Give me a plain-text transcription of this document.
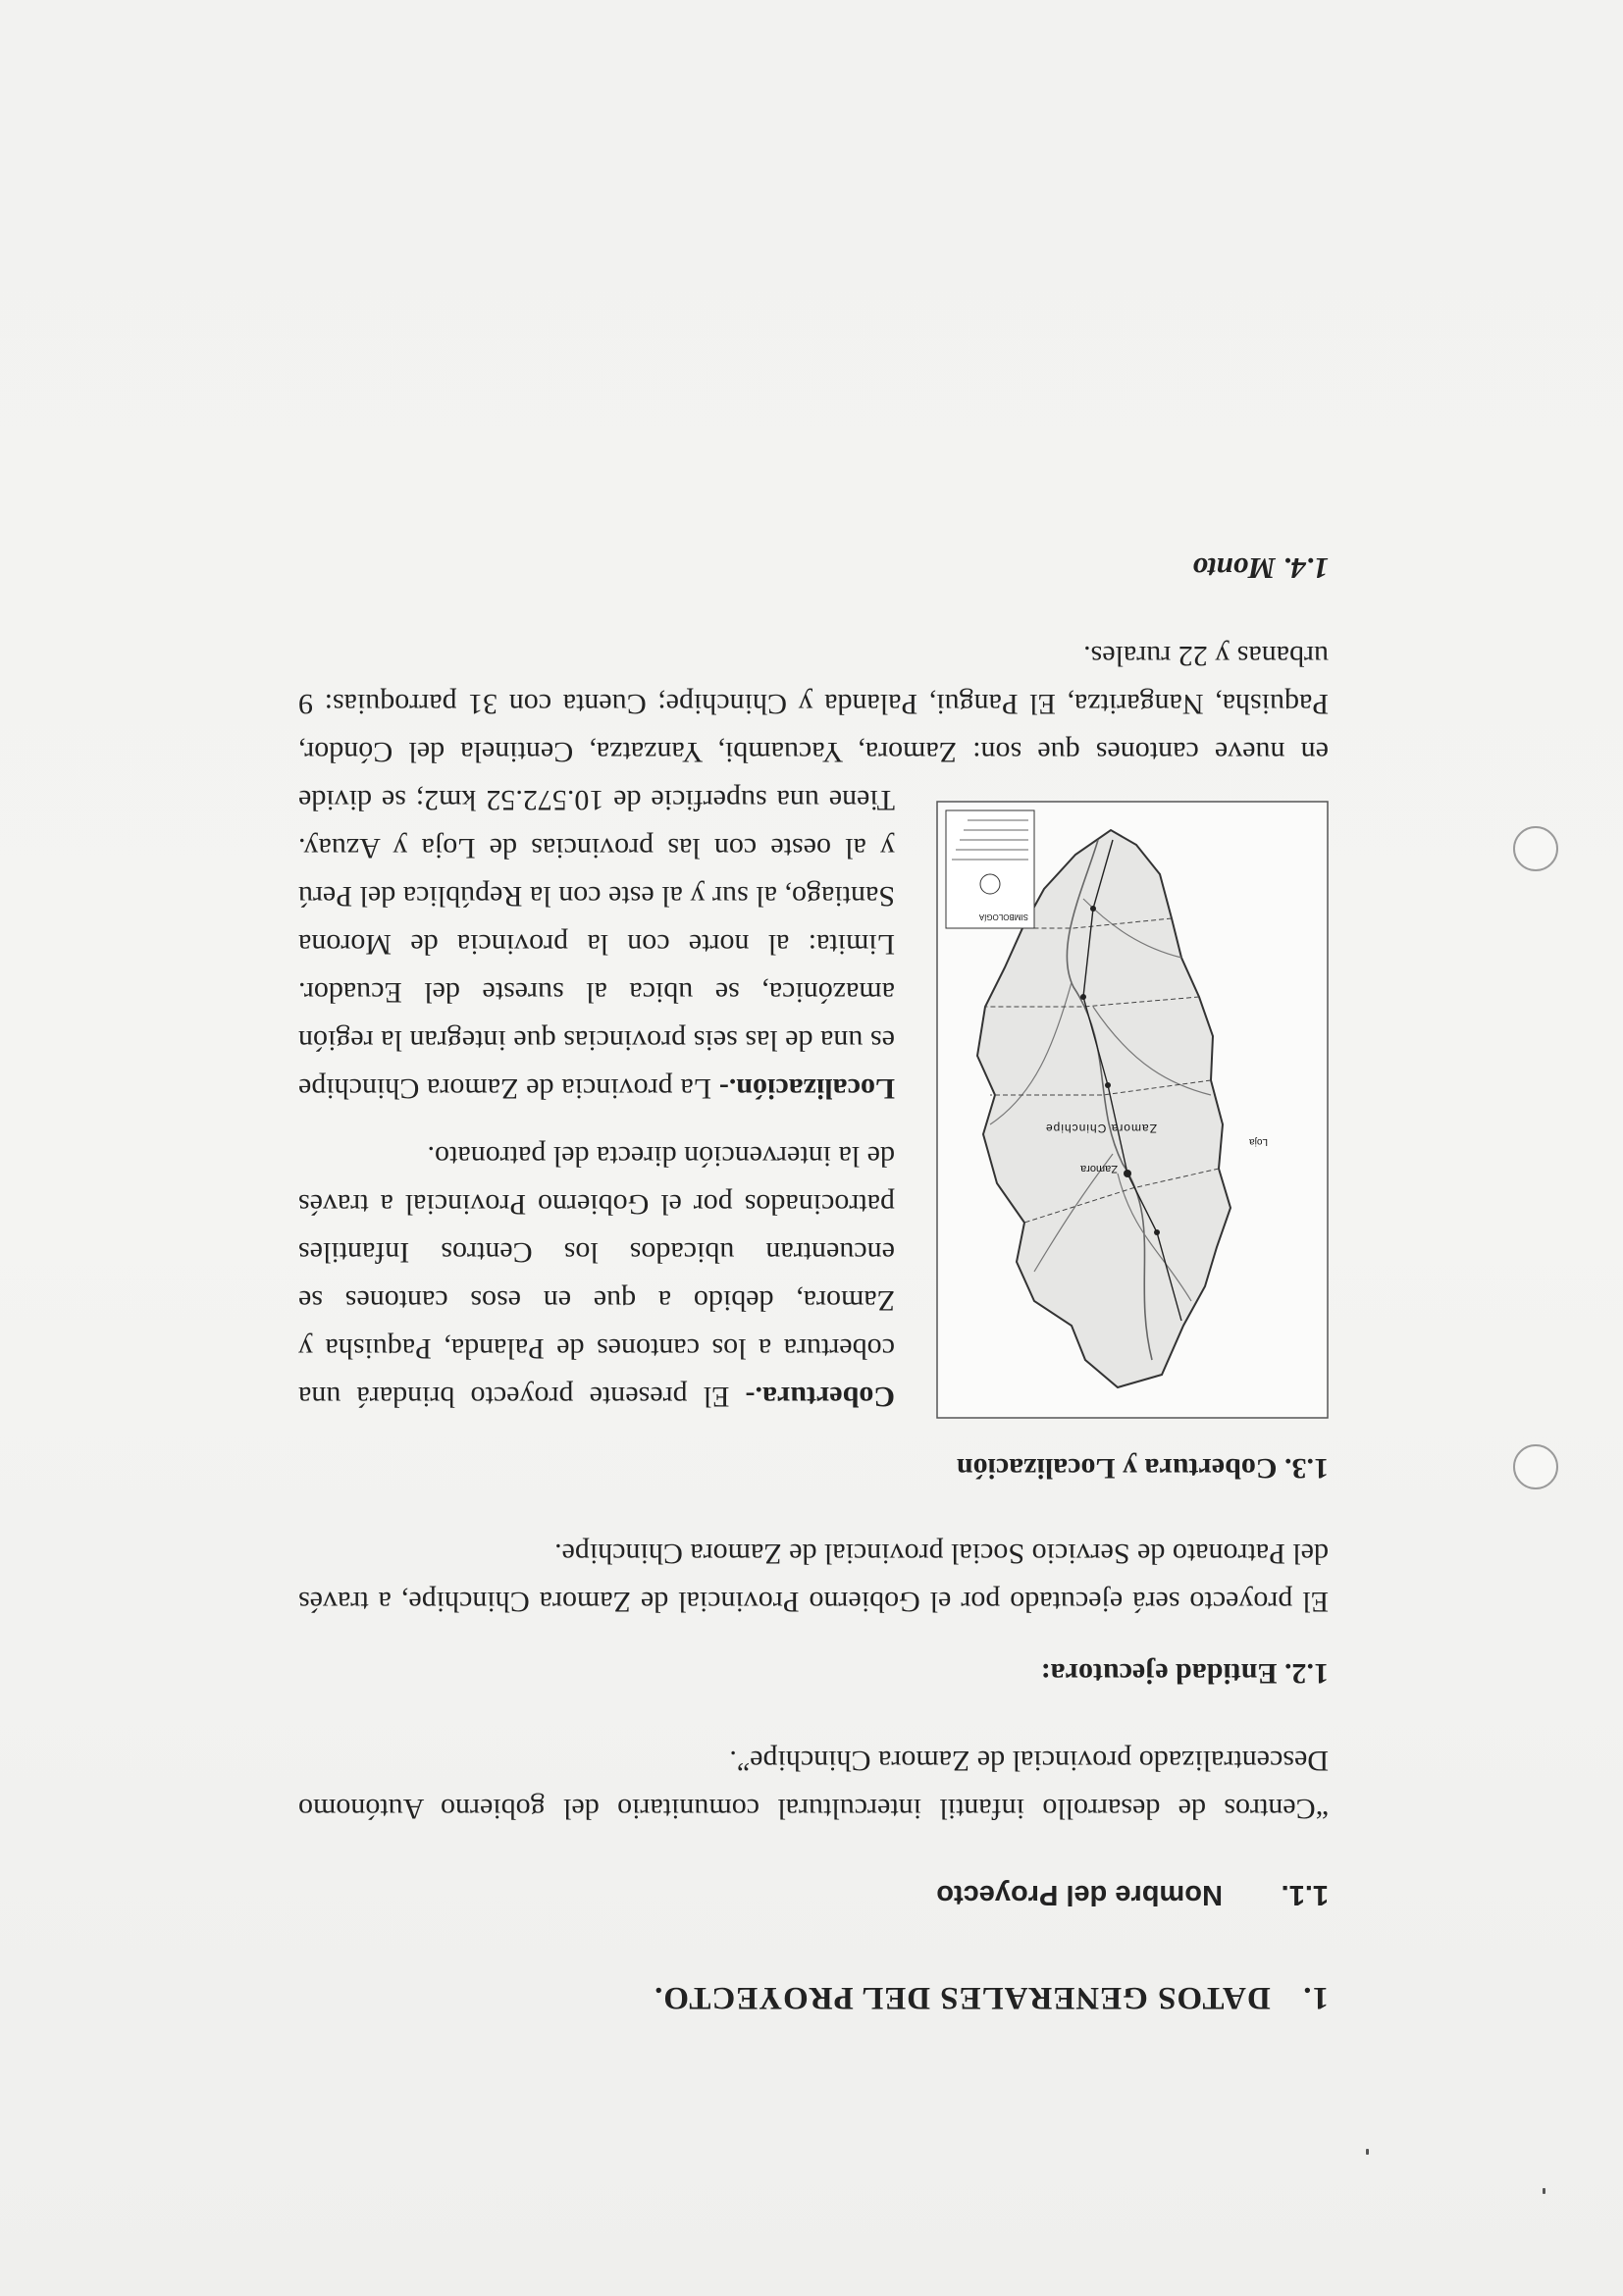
1. DATOS GENERALES DEL PROYECTO.
1.1. Nombre del Proyecto

“Centros de desarrollo infantil intercultural comunitario del gobierno Autónomo Descentralizado provincial de Zamora Chinchipe”.

1.2. Entidad ejecutora:

El proyecto será ejecutado por el Gobierno Provincial de Zamora Chinchipe, a través del Patronato de Servicio Social provincial de Zamora Chinchipe.

1.3. Cobertura y Localización
Zamora
Zamora Chinchipe
Loja
SIMBOLOGÍA

Cobertura.- El presente proyecto brindará una cobertura a los cantones de Palanda, Paquisha y Zamora, debido a que en esos cantones se encuentran ubicados los Centros Infantiles patrocinados por el Gobierno Provincial a través de la intervención directa del patronato.

Localización.- La provincia de Zamora Chinchipe es una de las seis provincias que integran la región amazónica, se ubica al sureste del Ecuador. Limita: al norte con la provincia de Morona Santiago, al sur y al este con la República del Perú y al oeste con las provincias de Loja y Azuay. Tiene una superficie de 10.572.52 km2; se divide en nueve cantones que son: Zamora, Yacuambi, Yanzatza, Centinela del Cóndor, Paquisha, Nangaritza, El Pangui, Palanda y Chinchipe; Cuenta con 31 parroquias: 9 urbanas y 22 rurales.

1.4. Monto
